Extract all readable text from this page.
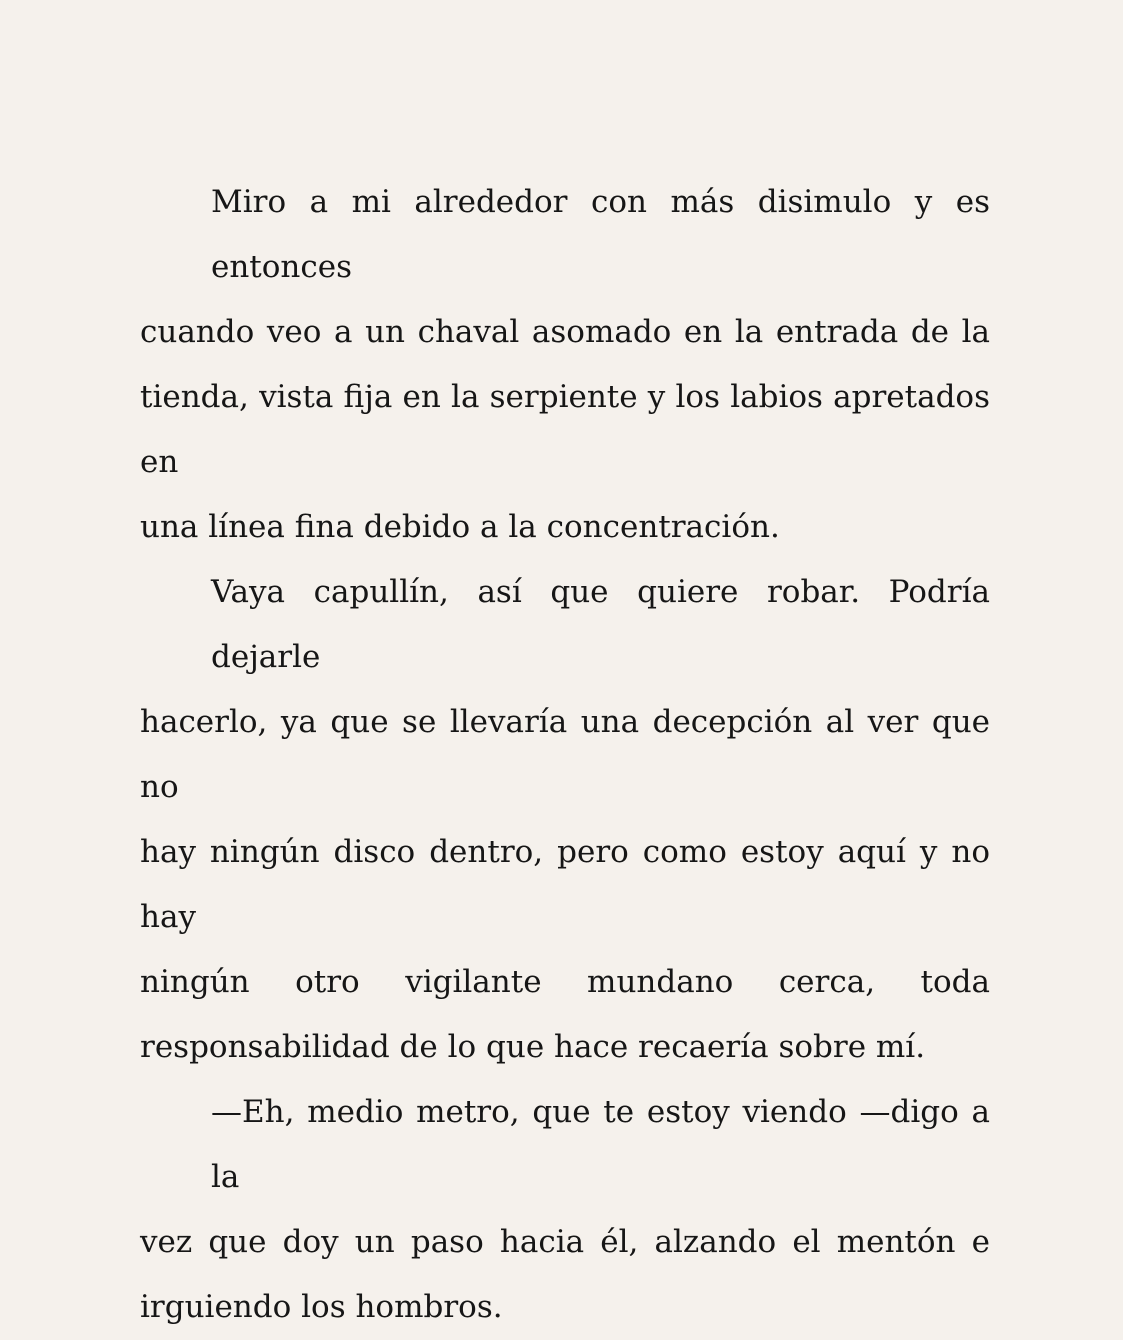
Miro a mi alrededor con más disimulo y es entonces
cuando veo a un chaval asomado en la entrada de la
tienda, vista fija en la serpiente y los labios apretados en
una línea fina debido a la concentración.

Vaya capullín, así que quiere robar. Podría dejarle
hacerlo, ya que se llevaría una decepción al ver que no
hay ningún disco dentro, pero como estoy aquí y no hay
ningún otro vigilante mundano cerca, toda
responsabilidad de lo que hace recaería sobre mí.

—Eh, medio metro, que te estoy viendo —digo a la
vez que doy un paso hacia él, alzando el mentón e
irguiendo los hombros.
